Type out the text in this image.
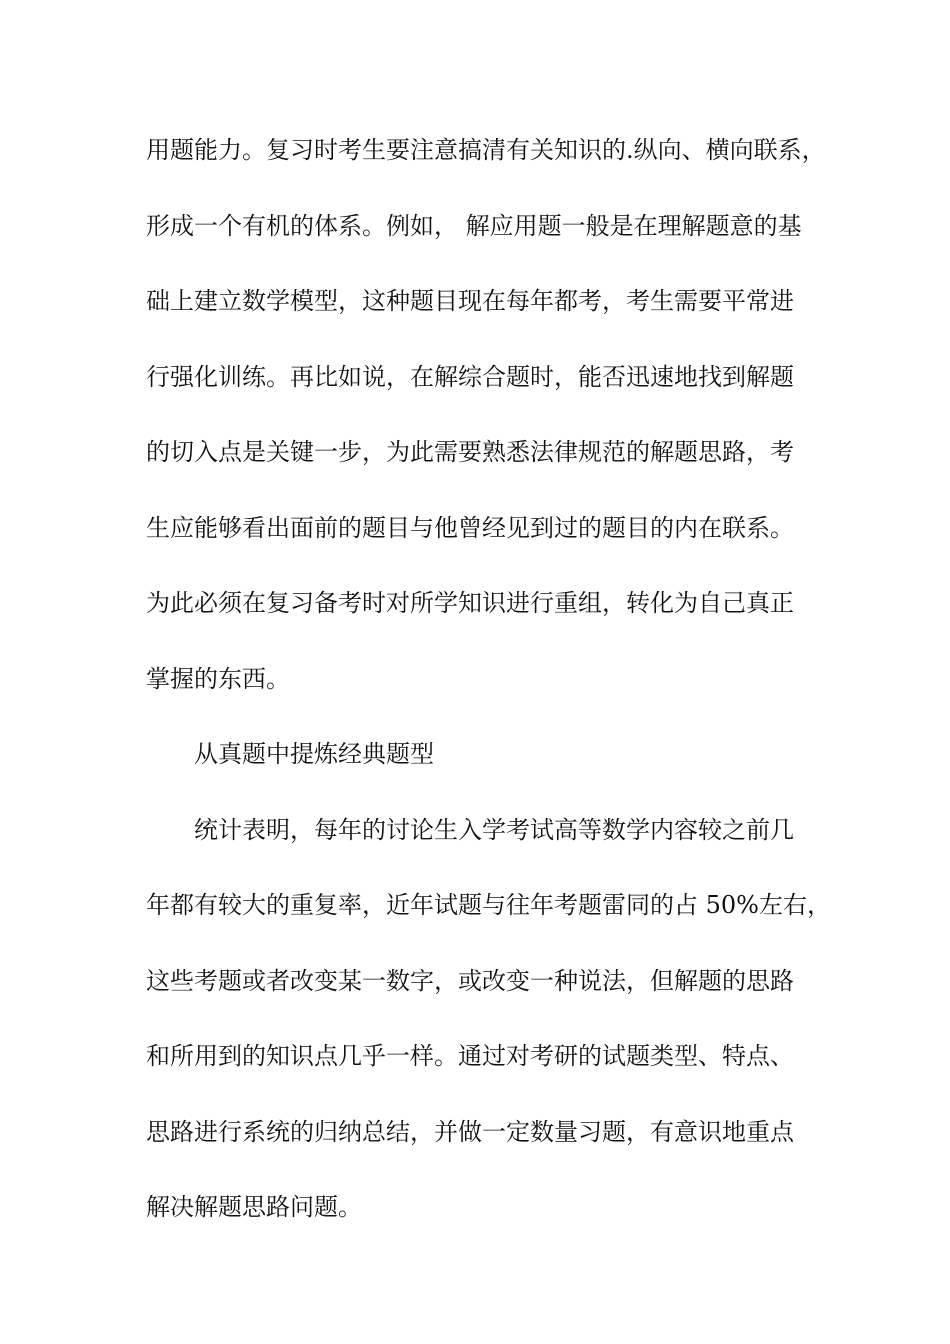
用题能力。复习时考生要注意搞清有关知识的.纵向、横向联系，
形成一个有机的体系。例如， 解应用题一般是在理解题意的基
础上建立数学模型，这种题目现在每年都考，考生需要平常进
行强化训练。再比如说，在解综合题时，能否迅速地找到解题
的切入点是关键一步，为此需要熟悉法律规范的解题思路，考
生应能够看出面前的题目与他曾经见到过的题目的内在联系。
为此必须在复习备考时对所学知识进行重组，转化为自己真正
掌握的东西。
从真题中提炼经典题型
统计表明，每年的讨论生入学考试高等数学内容较之前几
年都有较大的重复率，近年试题与往年考题雷同的占 50%左右，
这些考题或者改变某一数字，或改变一种说法，但解题的思路
和所用到的知识点几乎一样。通过对考研的试题类型、特点、
思路进行系统的归纳总结，并做一定数量习题，有意识地重点
解决解题思路问题。
